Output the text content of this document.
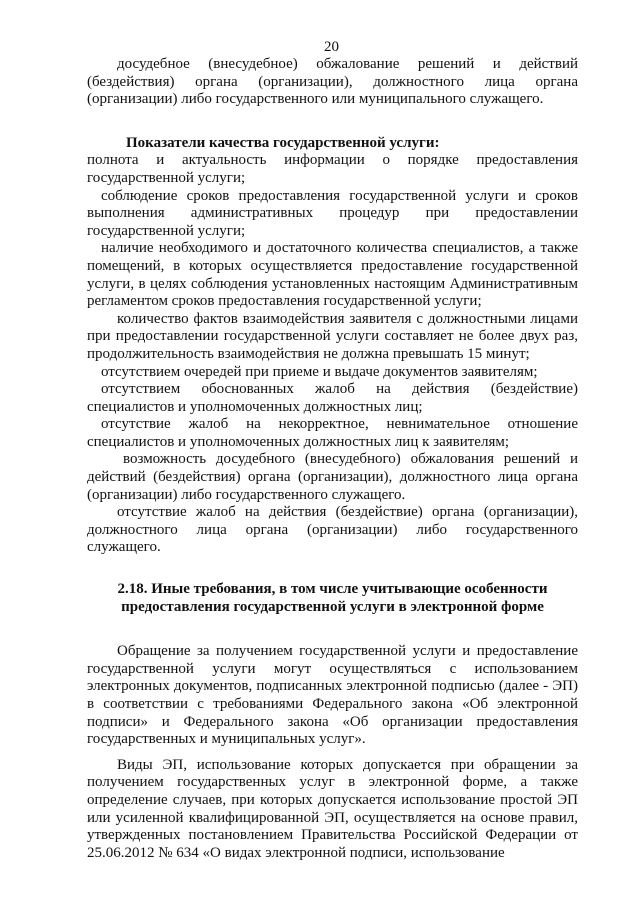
20

досудебное (внесудебное) обжалование решений и действий (бездействия) органа (организации), должностного лица органа (организации) либо государственного или муниципального служащего.

Показатели качества государственной услуги:

полнота и актуальность информации о порядке предоставления государственной услуги;

соблюдение сроков предоставления государственной услуги и сроков выполнения административных процедур при предоставлении государственной услуги;

наличие необходимого и достаточного количества специалистов, а также помещений, в которых осуществляется предоставление государственной услуги, в целях соблюдения установленных настоящим Административным регламентом сроков предоставления государственной услуги;

количество фактов взаимодействия заявителя с должностными лицами при предоставлении государственной услуги составляет не более двух раз, продолжительность взаимодействия не должна превышать 15 минут;

отсутствием очередей при приеме и выдаче документов заявителям;

отсутствием обоснованных жалоб на действия (бездействие) специалистов и уполномоченных должностных лиц;

отсутствие жалоб на некорректное, невнимательное отношение специалистов и уполномоченных должностных лиц к заявителям;

возможность досудебного (внесудебного) обжалования решений и действий (бездействия) органа (организации), должностного лица органа (организации) либо государственного служащего.

отсутствие жалоб на действия (бездействие) органа (организации), должностного лица органа (организации) либо государственного служащего.

2.18. Иные требования, в том числе учитывающие особенности
предоставления государственной услуги в электронной форме

Обращение за получением государственной услуги и предоставление государственной услуги могут осуществляться с использованием электронных документов, подписанных электронной подписью (далее - ЭП) в соответствии с требованиями Федерального закона «Об электронной подписи» и Федерального закона «Об организации предоставления государственных и муниципальных услуг».

Виды ЭП, использование которых допускается при обращении за получением государственных услуг в электронной форме, а также определение случаев, при которых допускается использование простой ЭП или усиленной квалифицированной ЭП, осуществляется на основе правил, утвержденных постановлением Правительства Российской Федерации от 25.06.2012 № 634 «О видах электронной подписи, использование
